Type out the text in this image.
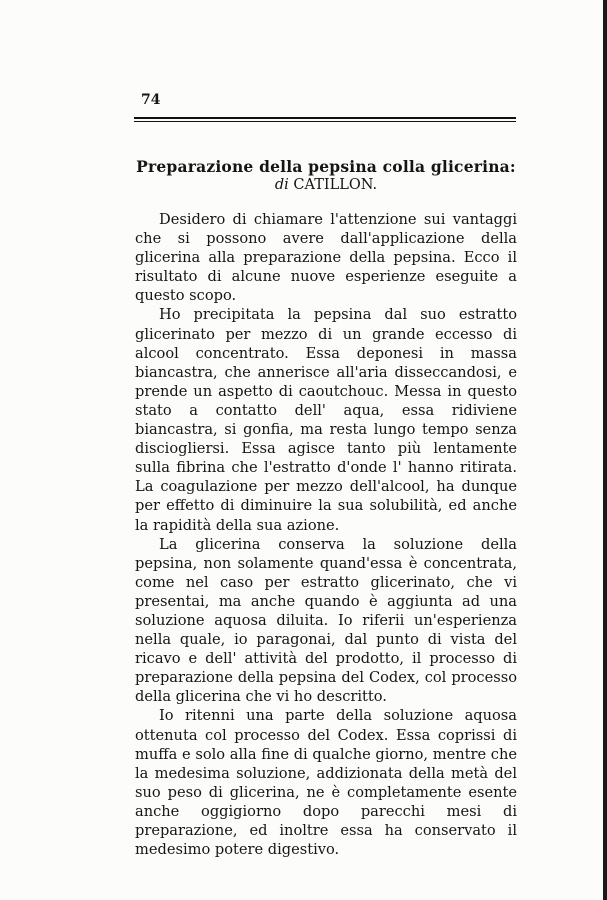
74
Preparazione della pepsina colla glicerina:
di CATILLON.

Desidero di chiamare l'attenzione sui vantaggi che si possono avere dall'applicazione della glicerina alla preparazione della pepsina. Ecco il risultato di alcune nuove esperienze eseguite a questo scopo.

Ho precipitata la pepsina dal suo estratto glicerinato per mezzo di un grande eccesso di alcool concentrato. Essa deponesi in massa biancastra, che annerisce all'aria disseccandosi, e prende un aspetto di caoutchouc. Messa in questo stato a contatto dell' aqua, essa ridiviene biancastra, si gonfia, ma resta lungo tempo senza disciogliersi. Essa agisce tanto più lentamente sulla fibrina che l'estratto d'onde l' hanno ritirata. La coagulazione per mezzo dell'alcool, ha dunque per effetto di diminuire la sua solubilità, ed anche la rapidità della sua azione.

La glicerina conserva la soluzione della pepsina, non solamente quand'essa è concentrata, come nel caso per estratto glicerinato, che vi presentai, ma anche quando è aggiunta ad una soluzione aquosa diluita. Io riferii un'esperienza nella quale, io paragonai, dal punto di vista del ricavo e dell' attività del prodotto, il processo di preparazione della pepsina del Codex, col processo della glicerina che vi ho descritto.

Io ritenni una parte della soluzione aquosa ottenuta col processo del Codex. Essa coprissi di muffa e solo alla fine di qualche giorno, mentre che la medesima soluzione, addizionata della metà del suo peso di glicerina, ne è completamente esente anche oggigiorno dopo parecchi mesi di preparazione, ed inoltre essa ha conservato il medesimo potere digestivo.
